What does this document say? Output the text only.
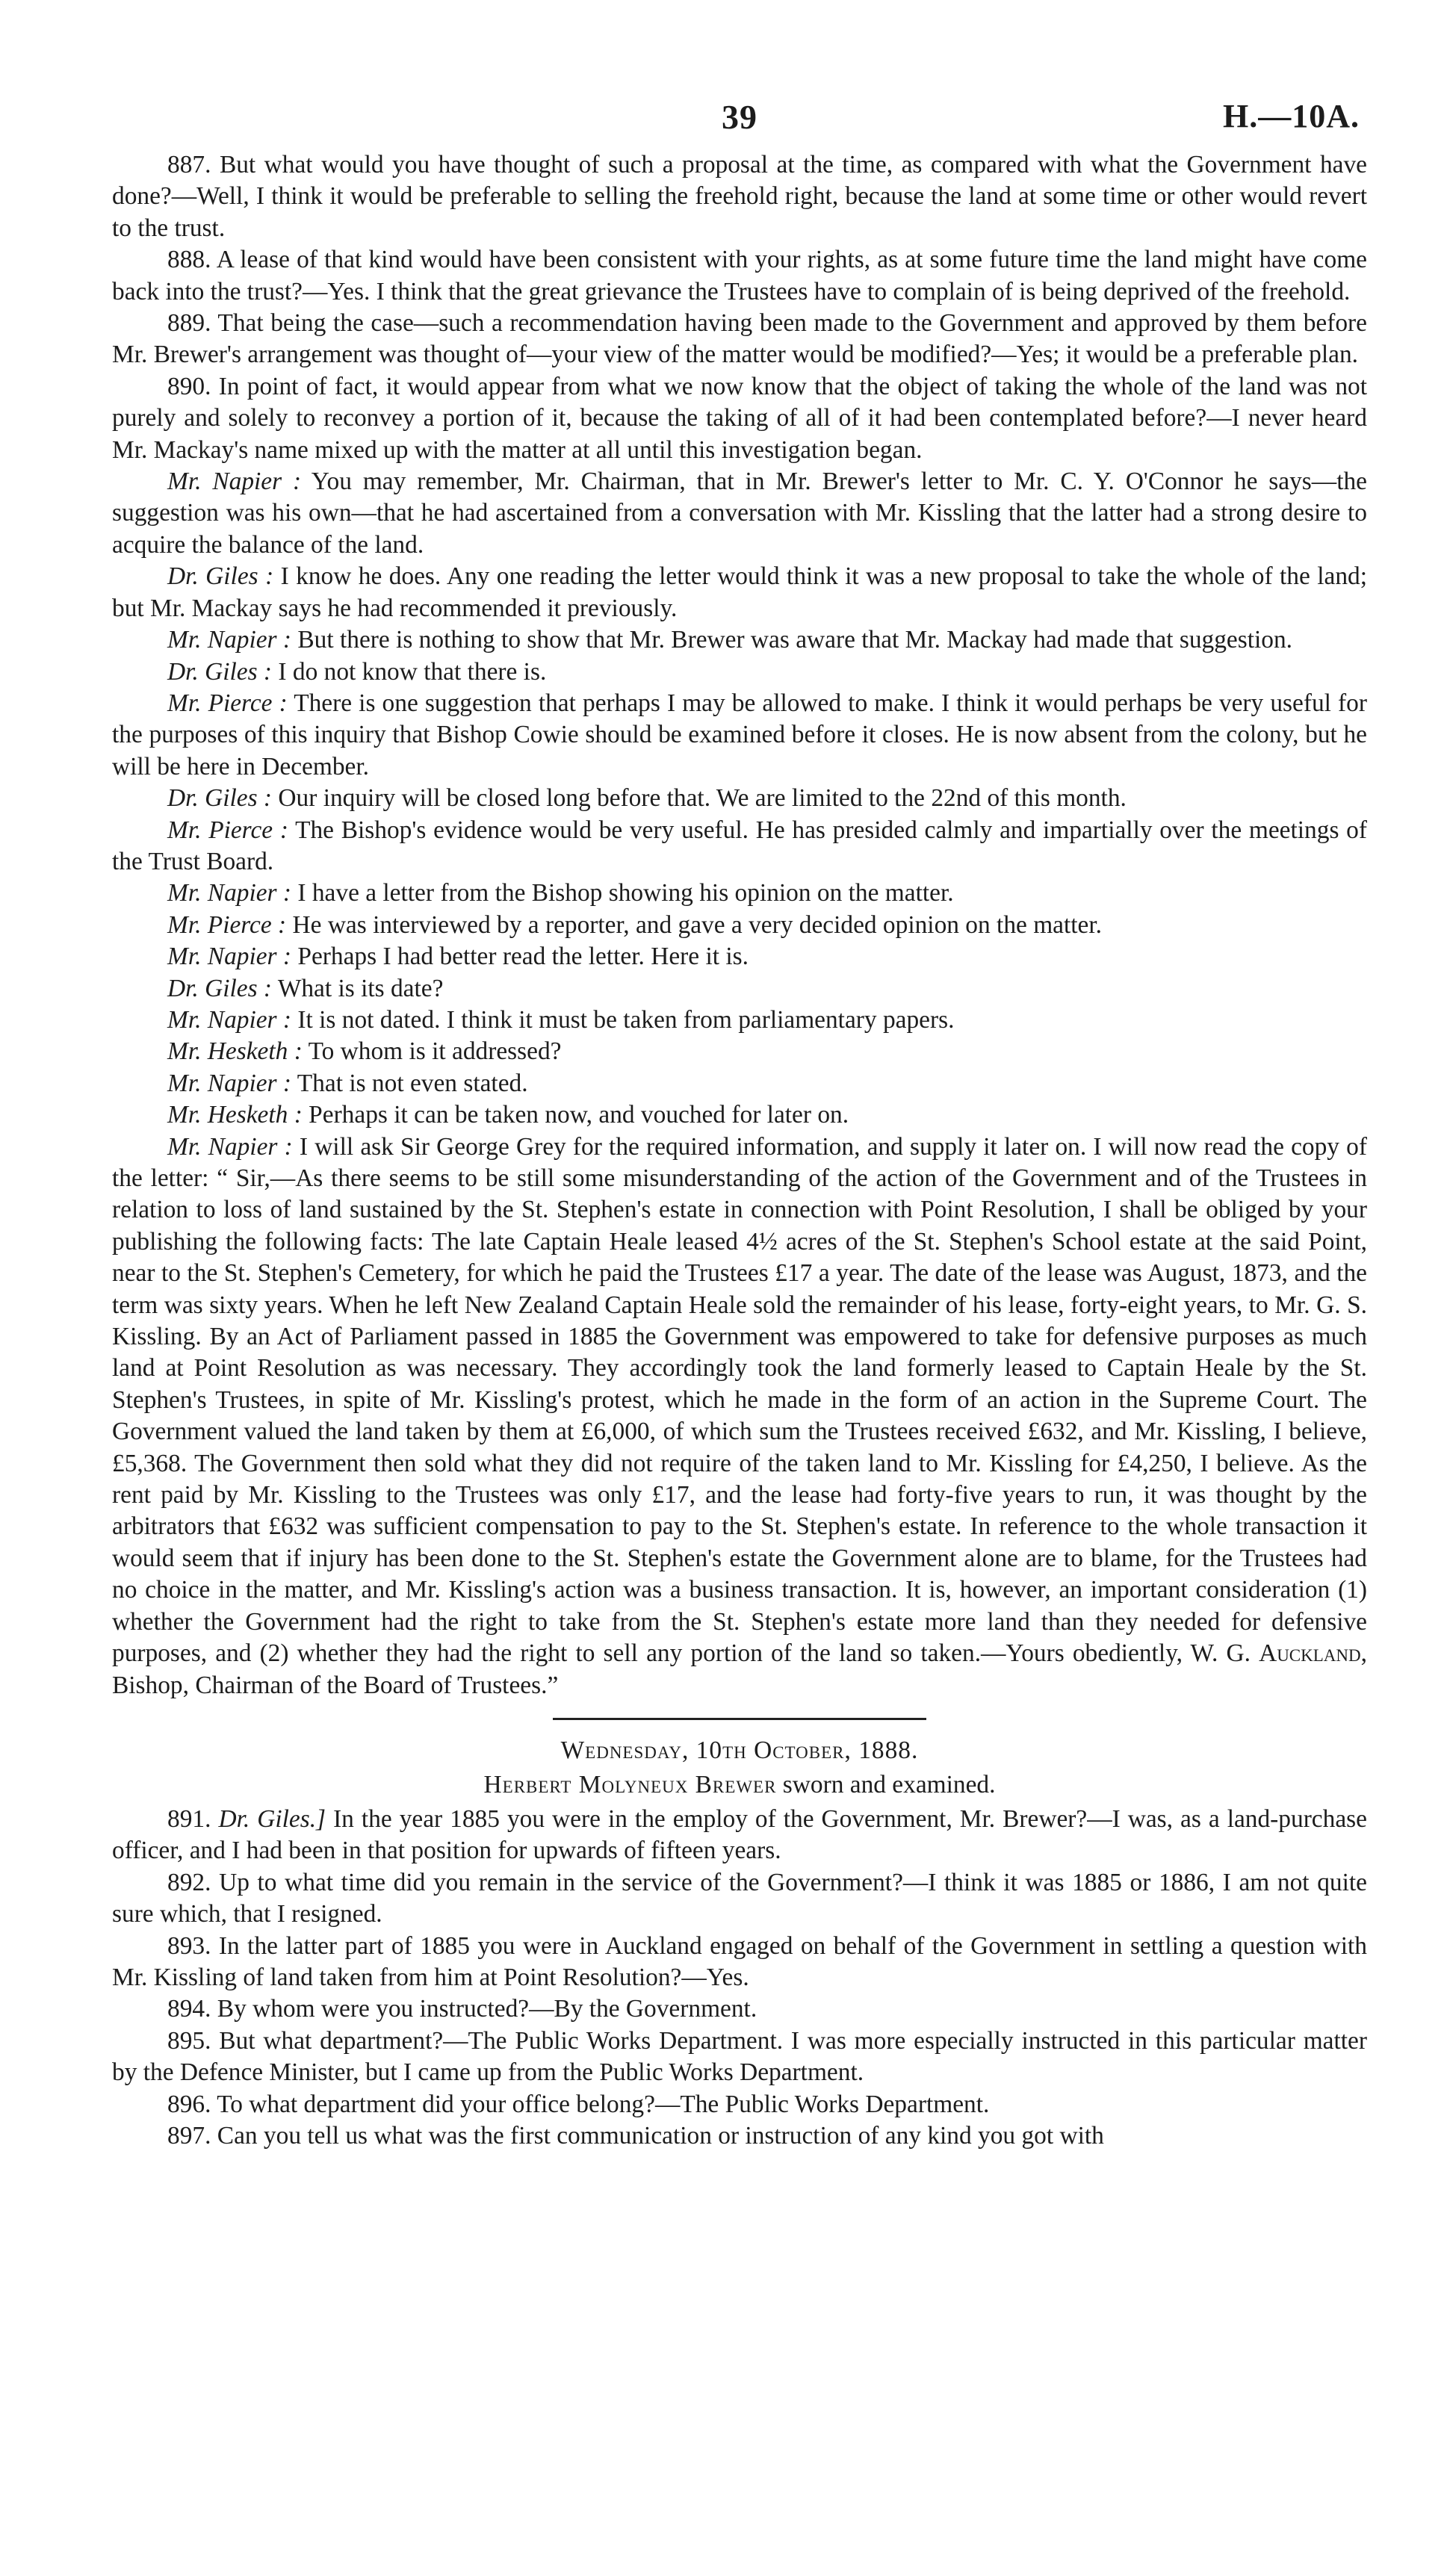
39	H.—10A.

887. But what would you have thought of such a proposal at the time, as compared with what the Government have done?—Well, I think it would be preferable to selling the freehold right, because the land at some time or other would revert to the trust.

888. A lease of that kind would have been consistent with your rights, as at some future time the land might have come back into the trust?—Yes. I think that the great grievance the Trustees have to complain of is being deprived of the freehold.

889. That being the case—such a recommendation having been made to the Government and approved by them before Mr. Brewer's arrangement was thought of—your view of the matter would be modified?—Yes; it would be a preferable plan.

890. In point of fact, it would appear from what we now know that the object of taking the whole of the land was not purely and solely to reconvey a portion of it, because the taking of all of it had been contemplated before?—I never heard Mr. Mackay's name mixed up with the matter at all until this investigation began.

Mr. Napier : You may remember, Mr. Chairman, that in Mr. Brewer's letter to Mr. C. Y. O'Connor he says—the suggestion was his own—that he had ascertained from a conversation with Mr. Kissling that the latter had a strong desire to acquire the balance of the land.

Dr. Giles : I know he does. Any one reading the letter would think it was a new proposal to take the whole of the land; but Mr. Mackay says he had recommended it previously.

Mr. Napier : But there is nothing to show that Mr. Brewer was aware that Mr. Mackay had made that suggestion.

Dr. Giles : I do not know that there is.

Mr. Pierce : There is one suggestion that perhaps I may be allowed to make. I think it would perhaps be very useful for the purposes of this inquiry that Bishop Cowie should be examined before it closes. He is now absent from the colony, but he will be here in December.

Dr. Giles : Our inquiry will be closed long before that. We are limited to the 22nd of this month.

Mr. Pierce : The Bishop's evidence would be very useful. He has presided calmly and impartially over the meetings of the Trust Board.

Mr. Napier : I have a letter from the Bishop showing his opinion on the matter.

Mr. Pierce : He was interviewed by a reporter, and gave a very decided opinion on the matter.

Mr. Napier : Perhaps I had better read the letter. Here it is.

Dr. Giles : What is its date?

Mr. Napier : It is not dated. I think it must be taken from parliamentary papers.

Mr. Hesketh : To whom is it addressed?

Mr. Napier : That is not even stated.

Mr. Hesketh : Perhaps it can be taken now, and vouched for later on.

Mr. Napier : I will ask Sir George Grey for the required information, and supply it later on. I will now read the copy of the letter: “ Sir,—As there seems to be still some misunderstanding of the action of the Government and of the Trustees in relation to loss of land sustained by the St. Stephen's estate in connection with Point Resolution, I shall be obliged by your publishing the following facts: The late Captain Heale leased 4½ acres of the St. Stephen's School estate at the said Point, near to the St. Stephen's Cemetery, for which he paid the Trustees £17 a year. The date of the lease was August, 1873, and the term was sixty years. When he left New Zealand Captain Heale sold the remainder of his lease, forty-eight years, to Mr. G. S. Kissling. By an Act of Parliament passed in 1885 the Government was empowered to take for defensive purposes as much land at Point Resolution as was necessary. They accordingly took the land formerly leased to Captain Heale by the St. Stephen's Trustees, in spite of Mr. Kissling's protest, which he made in the form of an action in the Supreme Court. The Government valued the land taken by them at £6,000, of which sum the Trustees received £632, and Mr. Kissling, I believe, £5,368. The Government then sold what they did not require of the taken land to Mr. Kissling for £4,250, I believe. As the rent paid by Mr. Kissling to the Trustees was only £17, and the lease had forty-five years to run, it was thought by the arbitrators that £632 was sufficient compensation to pay to the St. Stephen's estate. In reference to the whole transaction it would seem that if injury has been done to the St. Stephen's estate the Government alone are to blame, for the Trustees had no choice in the matter, and Mr. Kissling's action was a business transaction. It is, however, an important consideration (1) whether the Government had the right to take from the St. Stephen's estate more land than they needed for defensive purposes, and (2) whether they had the right to sell any portion of the land so taken.—Yours obediently, W. G. Auckland, Bishop, Chairman of the Board of Trustees.”

Wednesday, 10th October, 1888.

Herbert Molyneux Brewer sworn and examined.

891. Dr. Giles.] In the year 1885 you were in the employ of the Government, Mr. Brewer?—I was, as a land-purchase officer, and I had been in that position for upwards of fifteen years.

892. Up to what time did you remain in the service of the Government?—I think it was 1885 or 1886, I am not quite sure which, that I resigned.

893. In the latter part of 1885 you were in Auckland engaged on behalf of the Government in settling a question with Mr. Kissling of land taken from him at Point Resolution?—Yes.

894. By whom were you instructed?—By the Government.

895. But what department?—The Public Works Department. I was more especially instructed in this particular matter by the Defence Minister, but I came up from the Public Works Department.

896. To what department did your office belong?—The Public Works Department.

897. Can you tell us what was the first communication or instruction of any kind you got with
